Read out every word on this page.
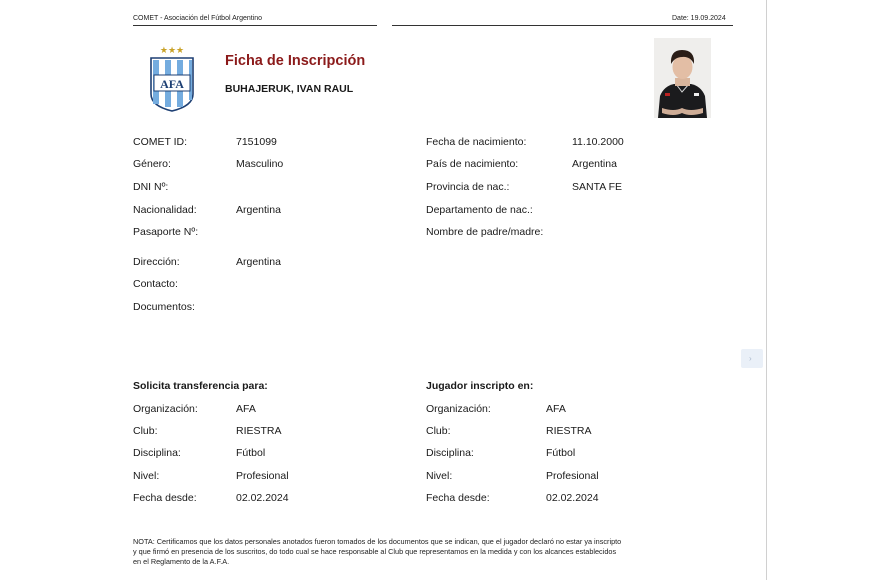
COMET - Asociación del Fútbol Argentino	Date: 19.09.2024
★★★
AFA
Ficha de Inscripción
BUHAJERUK, IVAN RAUL
COMET ID:	7151099
Género:	Masculino
DNI Nº:
Nacionalidad:	Argentina
Pasaporte Nº:
Dirección:	Argentina
Contacto:
Documentos:
Fecha de nacimiento:	11.10.2000
País de nacimiento:	Argentina
Provincia de nac.:	SANTA FE
Departamento de nac.:
Nombre de padre/madre:
Solicita transferencia para:
Organización:	AFA
Club:	RIESTRA
Disciplina:	Fútbol
Nivel:	Profesional
Fecha desde:	02.02.2024
Jugador inscripto en:
Organización:	AFA
Club:	RIESTRA
Disciplina:	Fútbol
Nivel:	Profesional
Fecha desde:	02.02.2024
NOTA: Certificamos que los datos personales anotados fueron tomados de los documentos que se indican, que el jugador declaró no estar ya inscripto
y que firmó en presencia de los suscritos, do todo cual se hace responsable al Club que representamos en la medida y con los alcances establecidos
en el Reglamento de la A.F.A.
›
